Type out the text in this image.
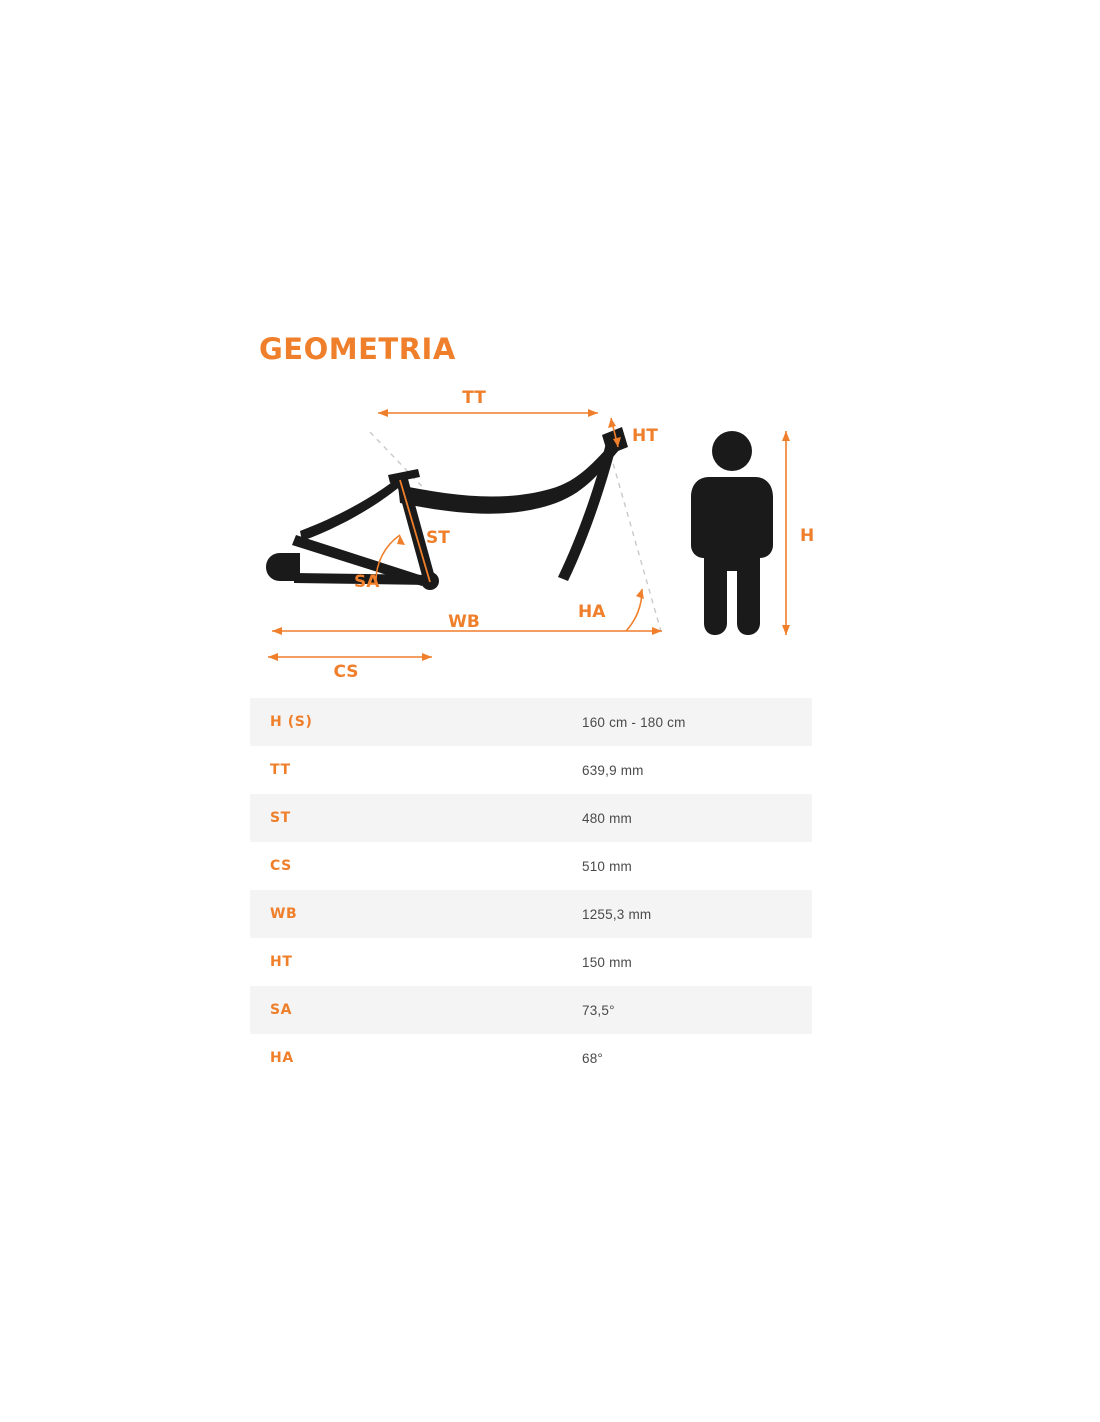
GEOMETRIA
TT
HT
ST
SA
WB	HA
CS
H
H (S)	160 cm - 180 cm
TT	639,9 mm
ST	480 mm
CS	510 mm
WB	1255,3 mm
HT	150 mm
SA	73,5°
HA	68°
